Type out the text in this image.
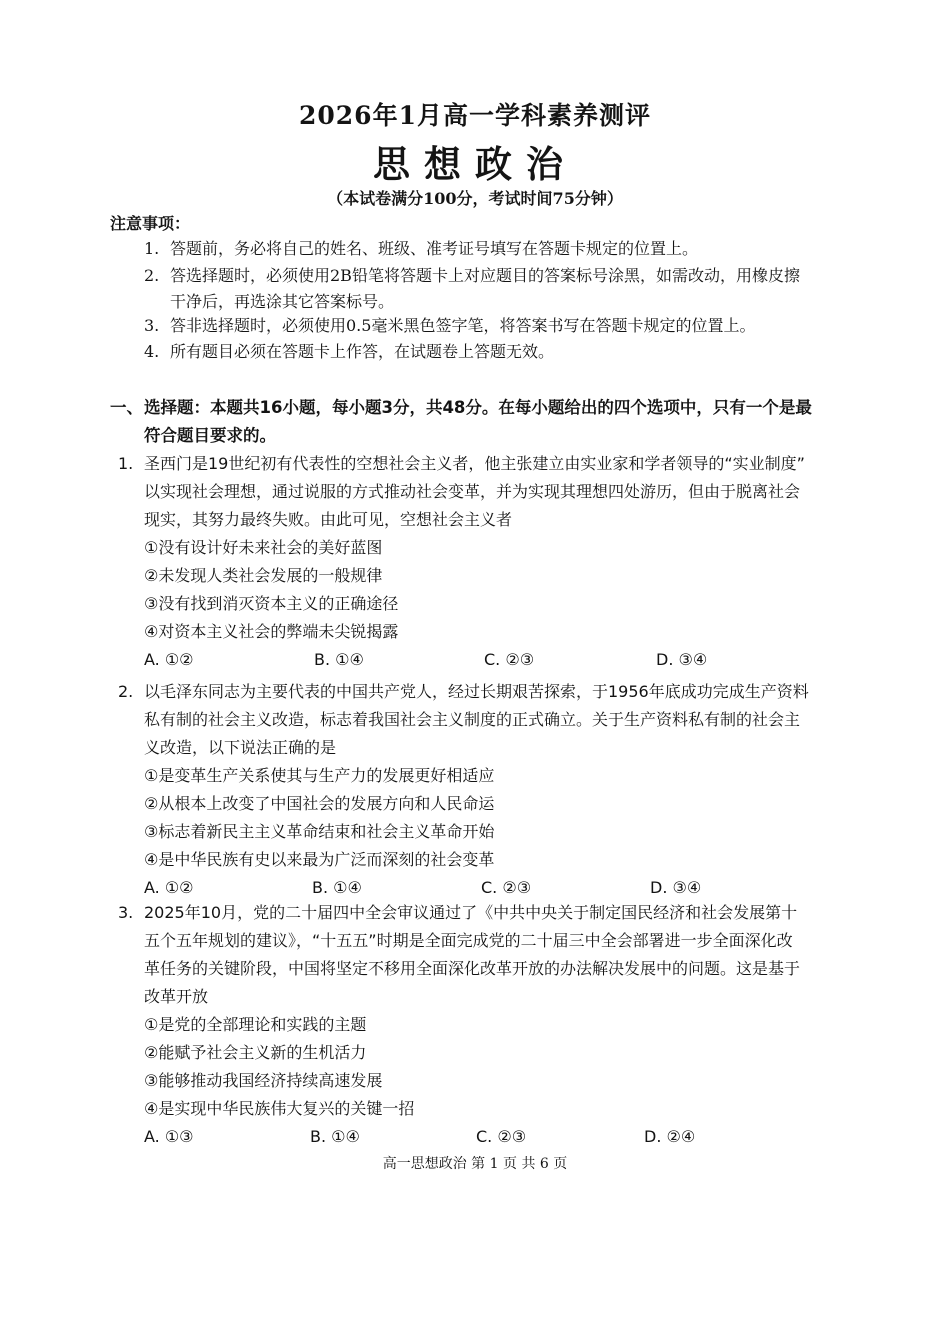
2026年1月高一学科素养测评
思想政治
（本试卷满分100分，考试时间75分钟）
注意事项：
1. 答题前，务必将自己的姓名、班级、准考证号填写在答题卡规定的位置上。
2. 答选择题时，必须使用2B铅笔将答题卡上对应题目的答案标号涂黑，如需改动，用橡皮擦
干净后，再选涂其它答案标号。
3. 答非选择题时，必须使用0.5毫米黑色签字笔，将答案书写在答题卡规定的位置上。
4. 所有题目必须在答题卡上作答，在试题卷上答题无效。
一、选择题：本题共16小题，每小题3分，共48分。在每小题给出的四个选项中，只有一个是最
符合题目要求的。
1. 圣西门是19世纪初有代表性的空想社会主义者，他主张建立由实业家和学者领导的“实业制度”
以实现社会理想，通过说服的方式推动社会变革，并为实现其理想四处游历，但由于脱离社会
现实，其努力最终失败。由此可见，空想社会主义者
①没有设计好未来社会的美好蓝图
②未发现人类社会发展的一般规律
③没有找到消灭资本主义的正确途径
④对资本主义社会的弊端未尖锐揭露
A. ①②	B. ①④	C. ②③	D. ③④
2. 以毛泽东同志为主要代表的中国共产党人，经过长期艰苦探索，于1956年底成功完成生产资料
私有制的社会主义改造，标志着我国社会主义制度的正式确立。关于生产资料私有制的社会主
义改造，以下说法正确的是
①是变革生产关系使其与生产力的发展更好相适应
②从根本上改变了中国社会的发展方向和人民命运
③标志着新民主主义革命结束和社会主义革命开始
④是中华民族有史以来最为广泛而深刻的社会变革
A. ①②	B. ①④	C. ②③	D. ③④
3. 2025年10月，党的二十届四中全会审议通过了《中共中央关于制定国民经济和社会发展第十
五个五年规划的建议》，“十五五”时期是全面完成党的二十届三中全会部署进一步全面深化改
革任务的关键阶段，中国将坚定不移用全面深化改革开放的办法解决发展中的问题。这是基于
改革开放
①是党的全部理论和实践的主题
②能赋予社会主义新的生机活力
③能够推动我国经济持续高速发展
④是实现中华民族伟大复兴的关键一招
A. ①③	B. ①④	C. ②③	D. ②④
高一思想政治 第 1 页 共 6 页
